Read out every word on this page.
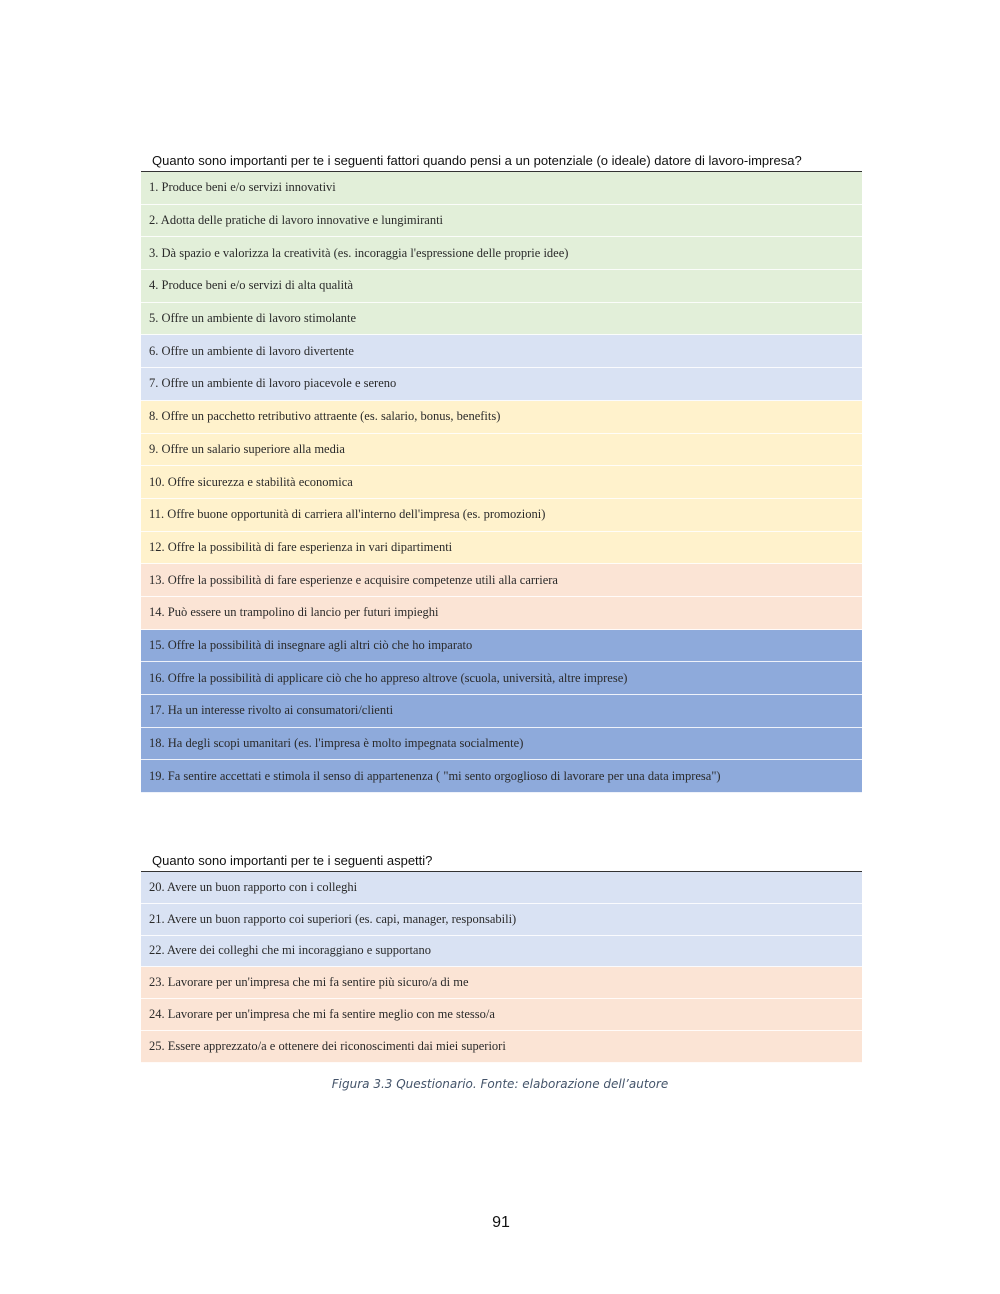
Quanto sono importanti per te i seguenti fattori quando pensi a un potenziale (o ideale) datore di lavoro-impresa?
1. Produce beni e/o servizi innovativi
2. Adotta delle pratiche di lavoro innovative e lungimiranti
3. Dà spazio e valorizza la creatività (es. incoraggia l'espressione delle proprie idee)
4. Produce beni e/o servizi di alta qualità
5. Offre un ambiente di lavoro stimolante
6. Offre un ambiente di lavoro divertente
7. Offre un ambiente di lavoro piacevole e sereno
8. Offre un pacchetto retributivo attraente (es. salario, bonus, benefits)
9. Offre un salario superiore alla media
10. Offre sicurezza e stabilità economica
11. Offre buone opportunità di carriera all'interno dell'impresa (es. promozioni)
12. Offre la possibilità di fare esperienza in vari dipartimenti
13. Offre la possibilità di fare esperienze e acquisire competenze utili alla carriera
14. Può essere un trampolino di lancio per futuri impieghi
15. Offre la possibilità di insegnare agli altri ciò che ho imparato
16. Offre la possibilità di applicare ciò che ho appreso altrove (scuola, università, altre imprese)
17. Ha un interesse rivolto ai consumatori/clienti
18. Ha degli scopi umanitari (es. l'impresa è molto impegnata socialmente)
19. Fa sentire accettati e stimola il senso di appartenenza ( "mi sento orgoglioso di lavorare per una data impresa")
Quanto sono importanti per te i seguenti aspetti?
20. Avere un buon rapporto con i colleghi
21. Avere un buon rapporto coi superiori (es. capi, manager, responsabili)
22. Avere dei colleghi che mi incoraggiano e supportano
23. Lavorare per un'impresa che mi fa sentire più sicuro/a di me
24. Lavorare per un'impresa che mi fa sentire meglio con me stesso/a
25. Essere apprezzato/a e ottenere dei riconoscimenti dai miei superiori
Figura 3.3 Questionario. Fonte: elaborazione dell’autore
91
